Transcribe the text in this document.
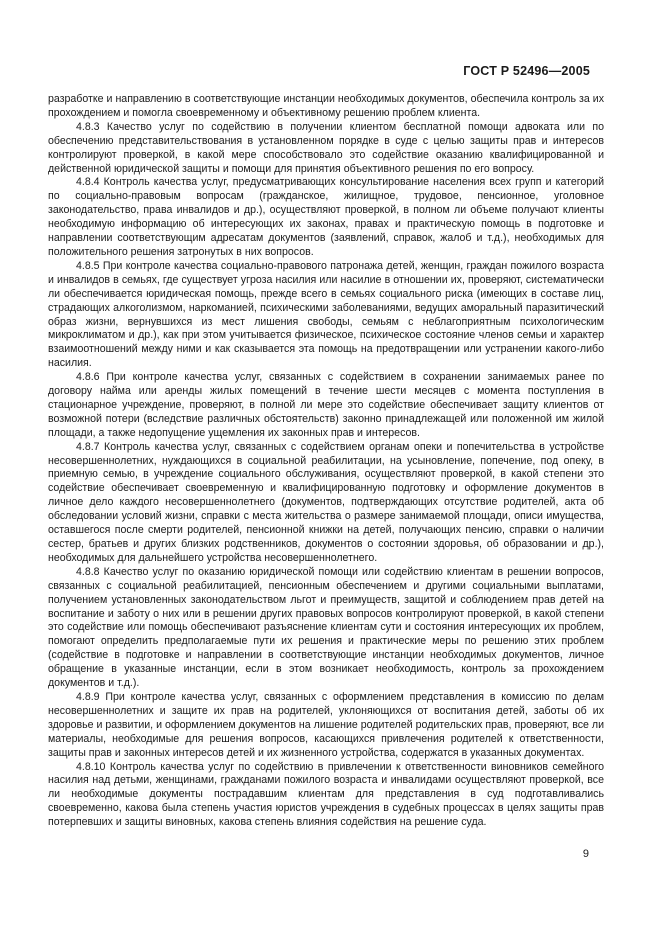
ГОСТ Р 52496—2005

разработке и направлению в соответствующие инстанции необходимых документов, обеспечила контроль за их прохождением и помогла своевременному и объективному решению проблем клиента.

4.8.3 Качество услуг по содействию в получении клиентом бесплатной помощи адвоката или по обеспечению представительствования в установленном порядке в суде с целью защиты прав и интересов контролируют проверкой, в какой мере способствовало это содействие оказанию квалифицированной и действенной юридической защиты и помощи для принятия объективного решения по его вопросу.

4.8.4 Контроль качества услуг, предусматривающих консультирование населения всех групп и категорий по социально-правовым вопросам (гражданское, жилищное, трудовое, пенсионное, уголовное законодательство, права инвалидов и др.), осуществляют проверкой, в полном ли объеме получают клиенты необходимую информацию об интересующих их законах, правах и практическую помощь в подготовке и направлении соответствующим адресатам документов (заявлений, справок, жалоб и т.д.), необходимых для положительного решения затронутых в них вопросов.

4.8.5 При контроле качества социально-правового патронажа детей, женщин, граждан пожилого возраста и инвалидов в семьях, где существует угроза насилия или насилие в отношении их, проверяют, систематически ли обеспечивается юридическая помощь, прежде всего в семьях социального риска (имеющих в составе лиц, страдающих алкоголизмом, наркоманией, психическими заболеваниями, ведущих аморальный паразитический образ жизни, вернувшихся из мест лишения свободы, семьям с неблагоприятным психологическим микроклиматом и др.), как при этом учитывается физическое, психическое состояние членов семьи и характер взаимоотношений между ними и как сказывается эта помощь на предотвращении или устранении какого-либо насилия.

4.8.6 При контроле качества услуг, связанных с содействием в сохранении занимаемых ранее по договору найма или аренды жилых помещений в течение шести месяцев с момента поступления в стационарное учреждение, проверяют, в полной ли мере это содействие обеспечивает защиту клиентов от возможной потери (вследствие различных обстоятельств) законно принадлежащей или положенной им жилой площади, а также недопущение ущемления их законных прав и интересов.

4.8.7 Контроль качества услуг, связанных с содействием органам опеки и попечительства в устройстве несовершеннолетних, нуждающихся в социальной реабилитации, на усыновление, попечение, под опеку, в приемную семью, в учреждение социального обслуживания, осуществляют проверкой, в какой степени это содействие обеспечивает своевременную и квалифицированную подготовку и оформление документов в личное дело каждого несовершеннолетнего (документов, подтверждающих отсутствие родителей, акта об обследовании условий жизни, справки с места жительства о размере занимаемой площади, описи имущества, оставшегося после смерти родителей, пенсионной книжки на детей, получающих пенсию, справки о наличии сестер, братьев и других близких родственников, документов о состоянии здоровья, об образовании и др.), необходимых для дальнейшего устройства несовершеннолетнего.

4.8.8 Качество услуг по оказанию юридической помощи или содействию клиентам в решении вопросов, связанных с социальной реабилитацией, пенсионным обеспечением и другими социальными выплатами, получением установленных законодательством льгот и преимуществ, защитой и соблюдением прав детей на воспитание и заботу о них или в решении других правовых вопросов контролируют проверкой, в какой степени это содействие или помощь обеспечивают разъяснение клиентам сути и состояния интересующих их проблем, помогают определить предполагаемые пути их решения и практические меры по решению этих проблем (содействие в подготовке и направлении в соответствующие инстанции необходимых документов, личное обращение в указанные инстанции, если в этом возникает необходимость, контроль за прохождением документов и т.д.).

4.8.9 При контроле качества услуг, связанных с оформлением представления в комиссию по делам несовершеннолетних и защите их прав на родителей, уклоняющихся от воспитания детей, заботы об их здоровье и развитии, и оформлением документов на лишение родителей родительских прав, проверяют, все ли материалы, необходимые для решения вопросов, касающихся привлечения родителей к ответственности, защиты прав и законных интересов детей и их жизненного устройства, содержатся в указанных документах.

4.8.10 Контроль качества услуг по содействию в привлечении к ответственности виновников семейного насилия над детьми, женщинами, гражданами пожилого возраста и инвалидами осуществляют проверкой, все ли необходимые документы пострадавшим клиентам для представления в суд подготавливались своевременно, какова была степень участия юристов учреждения в судебных процессах в целях защиты прав потерпевших и защиты виновных, какова степень влияния содействия на решение суда.

9
